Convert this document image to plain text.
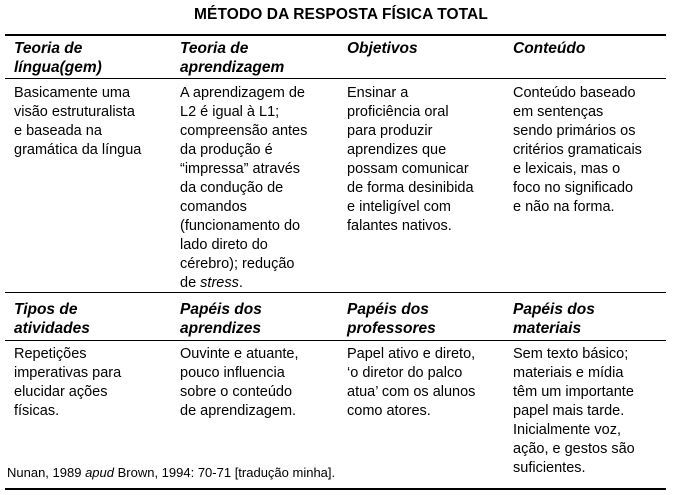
MÉTODO DA RESPOSTA FÍSICA TOTAL
Teoria de
língua(gem)
Teoria de
aprendizagem
Objetivos	Conteúdo
Basicamente uma
visão estruturalista
e baseada na
gramática da língua
A aprendizagem de
L2 é igual à L1;
compreensão antes
da produção é
“impressa” através
da condução de
comandos
(funcionamento do
lado direto do
cérebro); redução
de stress.
Ensinar a
proficiência oral
para produzir
aprendizes que
possam comunicar
de forma desinibida
e inteligível com
falantes nativos.
Conteúdo baseado
em sentenças
sendo primários os
critérios gramaticais
e lexicais, mas o
foco no significado
e não na forma.
Tipos de
atividades
Papéis dos
aprendizes
Papéis dos
professores
Papéis dos
materiais
Repetições
imperativas para
elucidar ações
físicas.
Ouvinte e atuante,
pouco influencia
sobre o conteúdo
de aprendizagem.
Papel ativo e direto,
‘o diretor do palco
atua’ com os alunos
como atores.
Sem texto básico;
materiais e mídia
têm um importante
papel mais tarde.
Inicialmente voz,
ação, e gestos são
suficientes.
Nunan, 1989 apud Brown, 1994: 70-71 [tradução minha].
